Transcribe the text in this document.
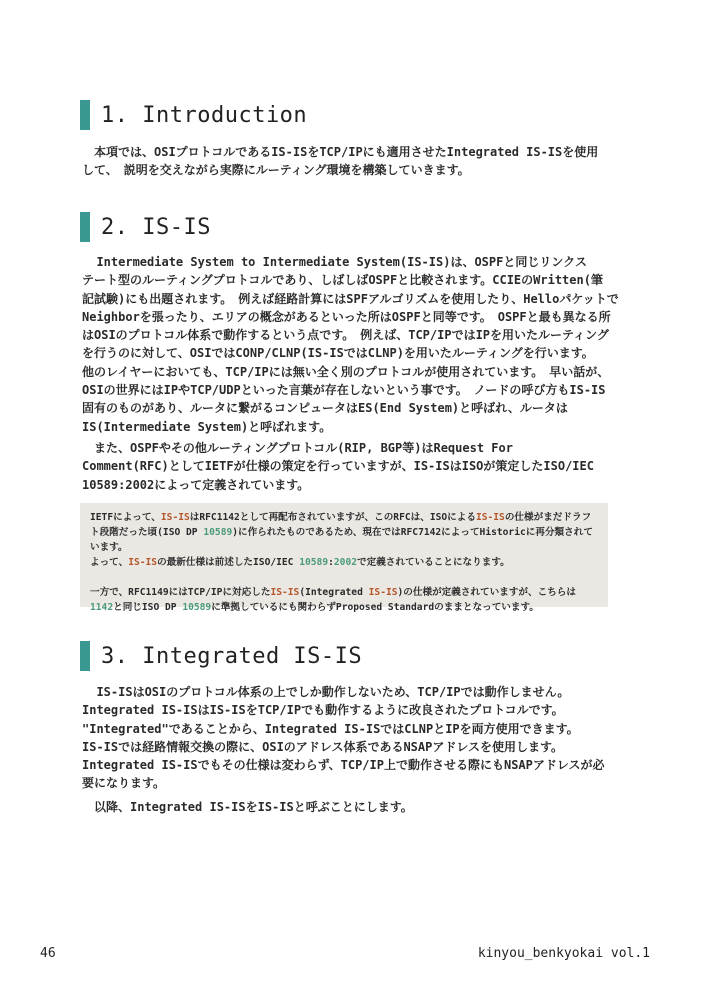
1. Introduction
　本項では、OSIプロトコルであるIS-ISをTCP/IPにも適用させたIntegrated IS-ISを使用
して、　説明を交えながら実際にルーティング環境を構築していきます。
2. IS-IS
Intermediate System to Intermediate System(IS-IS)は、OSPFと同じリンクス
テート型のルーティングプロトコルであり、しばしばOSPFと比較されます。CCIEのWritten(筆
記試験)にも出題されます。　例えば経路計算にはSPFアルゴリズムを使用したり、Helloパケットで
Neighborを張ったり、エリアの概念があるといった所はOSPFと同等です。　OSPFと最も異なる所
はOSIのプロトコル体系で動作するという点です。　例えば、TCP/IPではIPを用いたルーティング
を行うのに対して、OSIではCONP/CLNP(IS-ISではCLNP)を用いたルーティングを行います。
他のレイヤーにおいても、TCP/IPには無い全く別のプロトコルが使用されています。　早い話が、
OSIの世界にはIPやTCP/UDPといった言葉が存在しないという事です。　ノードの呼び方もIS-IS
固有のものがあり、ルータに繋がるコンピュータはES(End System)と呼ばれ、ルータは
IS(Intermediate System)と呼ばれます。
　また、OSPFやその他ルーティングプロトコル(RIP, BGP等)はRequest For
Comment(RFC)としてIETFが仕様の策定を行っていますが、IS-ISはISOが策定したISO/IEC
10589:2002によって定義されています。
IETFによって、IS-ISはRFC1142として再配布されていますが、このRFCは、ISOによるIS-ISの仕様がまだドラフ
ト段階だった頃(ISO DP 10589)に作られたものであるため、現在ではRFC7142によってHistoricに再分類されて
います。
よって、IS-ISの最新仕様は前述したISO/IEC 10589:2002で定義されていることになります。
一方で、RFC1149にはTCP/IPに対応したIS-IS(Integrated IS-IS)の仕様が定義されていますが、こちらは
1142と同じISO DP 10589に準拠しているにも関わらずProposed Standardのままとなっています。
3. Integrated IS-IS
IS-ISはOSIのプロトコル体系の上でしか動作しないため、TCP/IPでは動作しません。
Integrated IS-ISはIS-ISをTCP/IPでも動作するように改良されたプロトコルです。
"Integrated"であることから、Integrated IS-ISではCLNPとIPを両方使用できます。
IS-ISでは経路情報交換の際に、OSIのアドレス体系であるNSAPアドレスを使用します。
Integrated IS-ISでもその仕様は変わらず、TCP/IP上で動作させる際にもNSAPアドレスが必
要になります。
　以降、Integrated IS-ISをIS-ISと呼ぶことにします。
46	kinyou_benkyokai vol.1
